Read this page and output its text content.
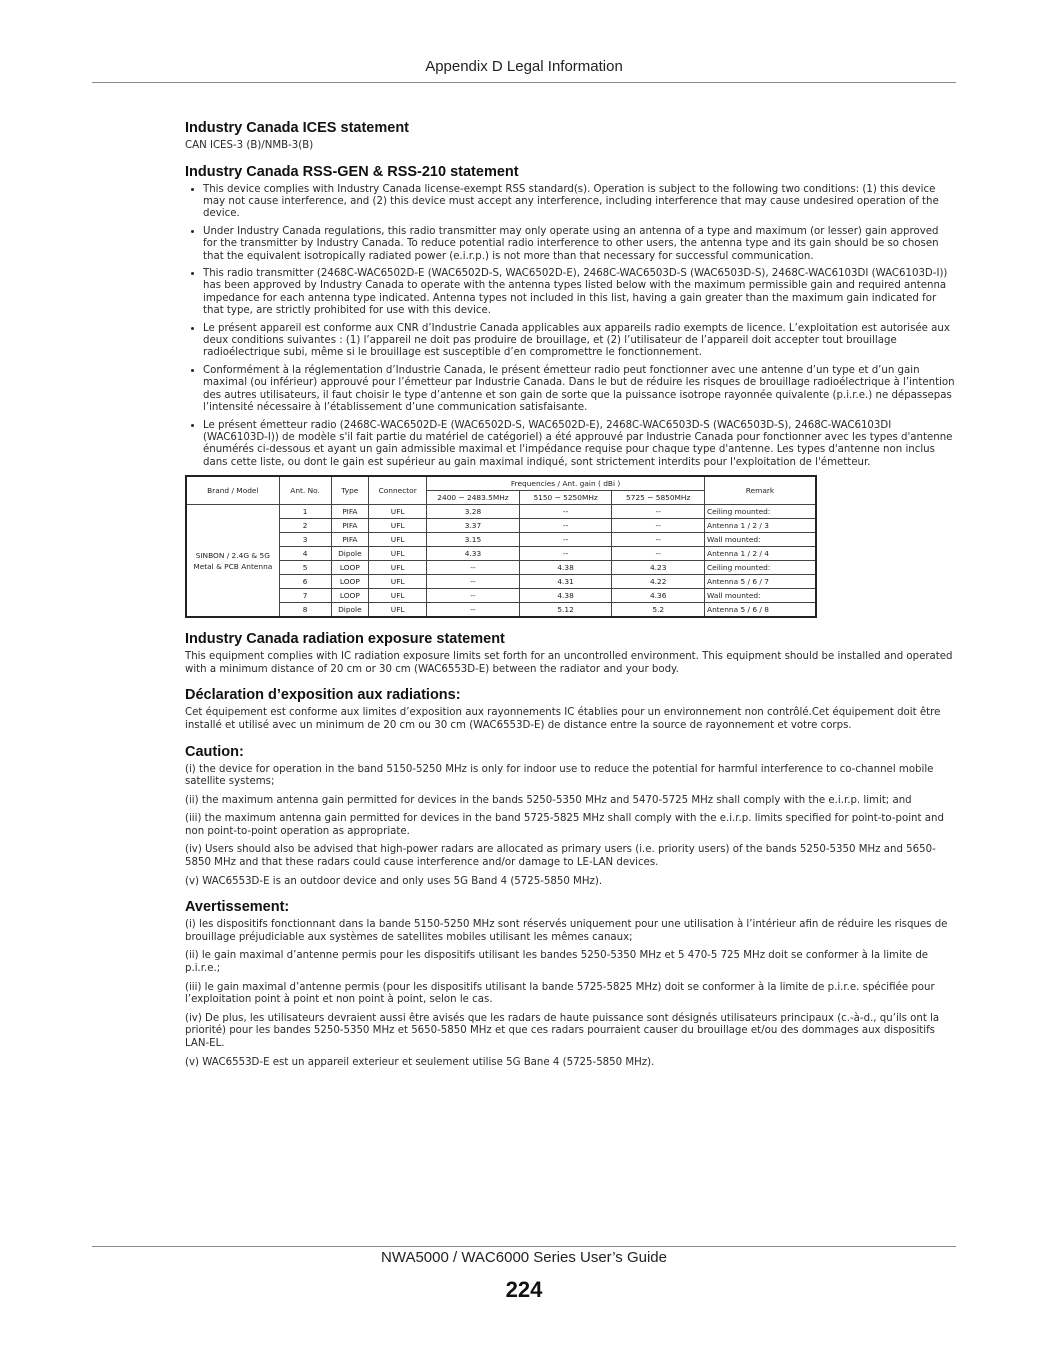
Appendix D Legal Information
Industry Canada ICES statement

CAN ICES-3 (B)/NMB-3(B)

Industry Canada RSS-GEN & RSS-210 statement
• This device complies with Industry Canada license-exempt RSS standard(s). Operation is subject to the following two conditions: (1) this device may not cause interference, and (2) this device must accept any interference, including interference that may cause undesired operation of the device.
• Under Industry Canada regulations, this radio transmitter may only operate using an antenna of a type and maximum (or lesser) gain approved for the transmitter by Industry Canada. To reduce potential radio interference to other users, the antenna type and its gain should be so chosen that the equivalent isotropically radiated power (e.i.r.p.) is not more than that necessary for successful communication.
• This radio transmitter (2468C-WAC6502D-E (WAC6502D-S, WAC6502D-E), 2468C-WAC6503D-S (WAC6503D-S), 2468C-WAC6103DI (WAC6103D-I)) has been approved by Industry Canada to operate with the antenna types listed below with the maximum permissible gain and required antenna impedance for each antenna type indicated. Antenna types not included in this list, having a gain greater than the maximum gain indicated for that type, are strictly prohibited for use with this device.
• Le présent appareil est conforme aux CNR d’Industrie Canada applicables aux appareils radio exempts de licence. L’exploitation est autorisée aux deux conditions suivantes : (1) l’appareil ne doit pas produire de brouillage, et (2) l’utilisateur de l’appareil doit accepter tout brouillage radioélectrique subi, même si le brouillage est susceptible d’en compromettre le fonctionnement.
• Conformément à la réglementation d’Industrie Canada, le présent émetteur radio peut fonctionner avec une antenne d’un type et d’un gain maximal (ou inférieur) approuvé pour l’émetteur par Industrie Canada. Dans le but de réduire les risques de brouillage radioélectrique à l’intention des autres utilisateurs, il faut choisir le type d’antenne et son gain de sorte que la puissance isotrope rayonnée quivalente (p.i.r.e.) ne dépassepas l’intensité nécessaire à l’établissement d’une communication satisfaisante.
• Le présent émetteur radio (2468C-WAC6502D-E (WAC6502D-S, WAC6502D-E), 2468C-WAC6503D-S (WAC6503D-S), 2468C-WAC6103DI (WAC6103D-I)) de modèle s'il fait partie du matériel de catégorieI) a été approuvé par Industrie Canada pour fonctionner avec les types d'antenne énumérés ci-dessous et ayant un gain admissible maximal et l'impédance requise pour chaque type d'antenne. Les types d'antenne non inclus dans cette liste, ou dont le gain est supérieur au gain maximal indiqué, sont strictement interdits pour l'exploitation de l'émetteur.
Brand / Model	Ant. No.	Type	Connector	Frequencies / Ant. gain ( dBi )			Remark
				2400 ~ 2483.5MHz	5150 ~ 5250MHz	5725 ~ 5850MHz	
SINBON / 2.4G & 5G Metal & PCB Antenna	1	PIFA	UFL	3.28	--	--	Ceiling mounted:
	2	PIFA	UFL	3.37	--	--	Antenna 1 / 2 / 3
	3	PIFA	UFL	3.15	--	--	Wall mounted:
	4	Dipole	UFL	4.33	--	--	Antenna 1 / 2 / 4
	5	LOOP	UFL	--	4.38	4.23	Ceiling mounted:
	6	LOOP	UFL	--	4.31	4.22	Antenna 5 / 6 / 7
	7	LOOP	UFL	--	4.38	4.36	Wall mounted:
	8	Dipole	UFL	--	5.12	5.2	Antenna 5 / 6 / 8
Industry Canada radiation exposure statement

This equipment complies with IC radiation exposure limits set forth for an uncontrolled environment. This equipment should be installed and operated with a minimum distance of 20 cm or 30 cm (WAC6553D-E) between the radiator and your body.

Déclaration d’exposition aux radiations:

Cet équipement est conforme aux limites d’exposition aux rayonnements IC établies pour un environnement non contrôlé.Cet équipement doit être installé et utilisé avec un minimum de 20 cm ou 30 cm (WAC6553D-E) de distance entre la source de rayonnement et votre corps.

Caution:

(i) the device for operation in the band 5150-5250 MHz is only for indoor use to reduce the potential for harmful interference to co-channel mobile satellite systems;

(ii) the maximum antenna gain permitted for devices in the bands 5250-5350 MHz and 5470-5725 MHz shall comply with the e.i.r.p. limit; and

(iii) the maximum antenna gain permitted for devices in the band 5725-5825 MHz shall comply with the e.i.r.p. limits specified for point-to-point and non point-to-point operation as appropriate.

(iv) Users should also be advised that high-power radars are allocated as primary users (i.e. priority users) of the bands 5250-5350 MHz and 5650-5850 MHz and that these radars could cause interference and/or damage to LE-LAN devices.

(v) WAC6553D-E is an outdoor device and only uses 5G Band 4 (5725-5850 MHz).

Avertissement:

(i) les dispositifs fonctionnant dans la bande 5150-5250 MHz sont réservés uniquement pour une utilisation à l’intérieur afin de réduire les risques de brouillage préjudiciable aux systèmes de satellites mobiles utilisant les mêmes canaux;

(ii) le gain maximal d’antenne permis pour les dispositifs utilisant les bandes 5250-5350 MHz et 5 470-5 725 MHz doit se conformer à la limite de p.i.r.e.;

(iii) le gain maximal d’antenne permis (pour les dispositifs utilisant la bande 5725-5825 MHz) doit se conformer à la limite de p.i.r.e. spécifiée pour l’exploitation point à point et non point à point, selon le cas.

(iv) De plus, les utilisateurs devraient aussi être avisés que les radars de haute puissance sont désignés utilisateurs principaux (c.-à-d., qu’ils ont la priorité) pour les bandes 5250-5350 MHz et 5650-5850 MHz et que ces radars pourraient causer du brouillage et/ou des dommages aux dispositifs LAN-EL.

(v) WAC6553D-E est un appareil exterieur et seulement utilise 5G Bane 4 (5725-5850 MHz).

NWA5000 / WAC6000 Series User’s Guide
224
